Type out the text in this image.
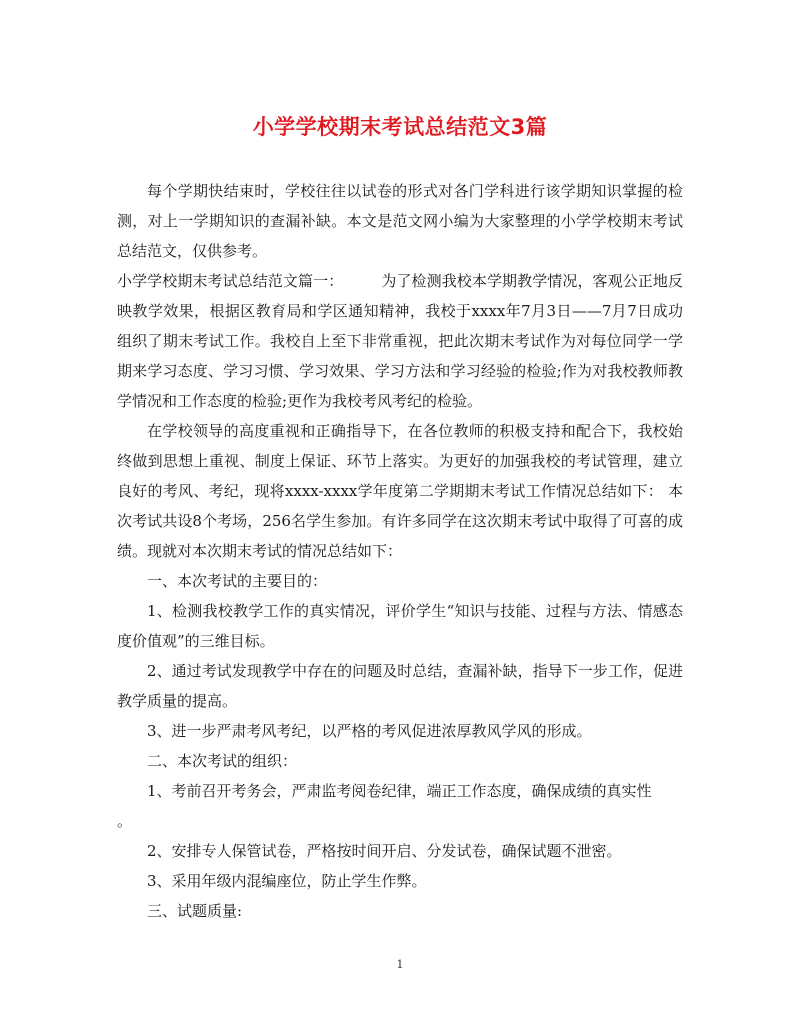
小学学校期末考试总结范文3篇

每个学期快结束时，学校往往以试卷的形式对各门学科进行该学期知识掌握的检测，对上一学期知识的查漏补缺。本文是范文网小编为大家整理的小学学校期末考试总结范文，仅供参考。

小学学校期末考试总结范文篇一：	为了检测我校本学期教学情况，客观公正地反映教学效果，根据区教育局和学区通知精神，我校于xxxx年7月3日——7月7日成功组织了期末考试工作。我校自上至下非常重视，把此次期末考试作为对每位同学一学期来学习态度、学习习惯、学习效果、学习方法和学习经验的检验;作为对我校教师教学情况和工作态度的检验;更作为我校考风考纪的检验。

在学校领导的高度重视和正确指导下，在各位教师的积极支持和配合下，我校始终做到思想上重视、制度上保证、环节上落实。为更好的加强我校的考试管理，建立良好的考风、考纪，现将xxxx-xxxx学年度第二学期期末考试工作情况总结如下： 本次考试共设8个考场，256名学生参加。有许多同学在这次期末考试中取得了可喜的成绩。现就对本次期末考试的情况总结如下：

一、本次考试的主要目的：

1、检测我校教学工作的真实情况，评价学生“知识与技能、过程与方法、情感态度价值观”的三维目标。

2、通过考试发现教学中存在的问题及时总结，查漏补缺，指导下一步工作，促进教学质量的提高。

3、进一步严肃考风考纪，以严格的考风促进浓厚教风学风的形成。

二、本次考试的组织：

1、考前召开考务会，严肃监考阅卷纪律，端正工作态度，确保成绩的真实性
。

2、安排专人保管试卷，严格按时间开启、分发试卷，确保试题不泄密。

3、采用年级内混编座位，防止学生作弊。

三、试题质量:

1
